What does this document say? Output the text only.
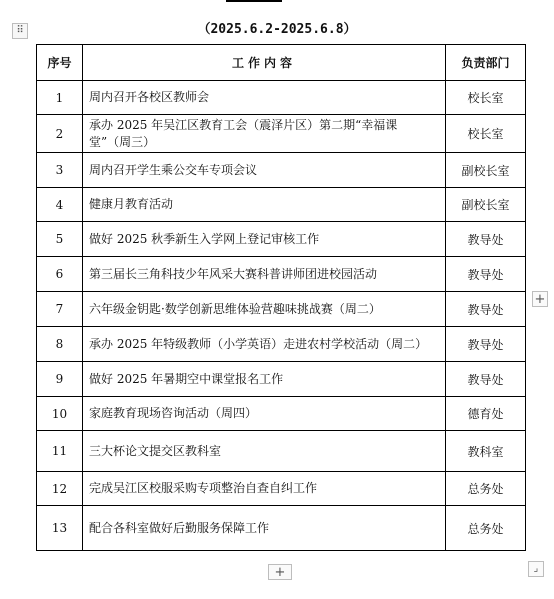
⠿	（2025.6.2-2025.6.8）
序号	工作内容	负责部门
1	周内召开各校区教师会	校长室
2	承办 2025 年吴江区教育工会（震泽片区）第二期“幸福课堂”（周三）	校长室
3	周内召开学生乘公交车专项会议	副校长室
4	健康月教育活动	副校长室
5	做好 2025 秋季新生入学网上登记审核工作	教导处
6	第三届长三角科技少年风采大赛科普讲师团进校园活动	教导处
7	六年级金钥匙·数学创新思维体验营趣味挑战赛（周二）	教导处
8	承办 2025 年特级教师（小学英语）走进农村学校活动（周二）	教导处
9	做好 2025 年暑期空中课堂报名工作	教导处
10	家庭教育现场咨询活动（周四）	德育处
11	三大杯论文提交区教科室	教科室
12	完成吴江区校服采购专项整治自查自纠工作	总务处
13	配合各科室做好后勤服务保障工作	总务处
+
+	⌟
